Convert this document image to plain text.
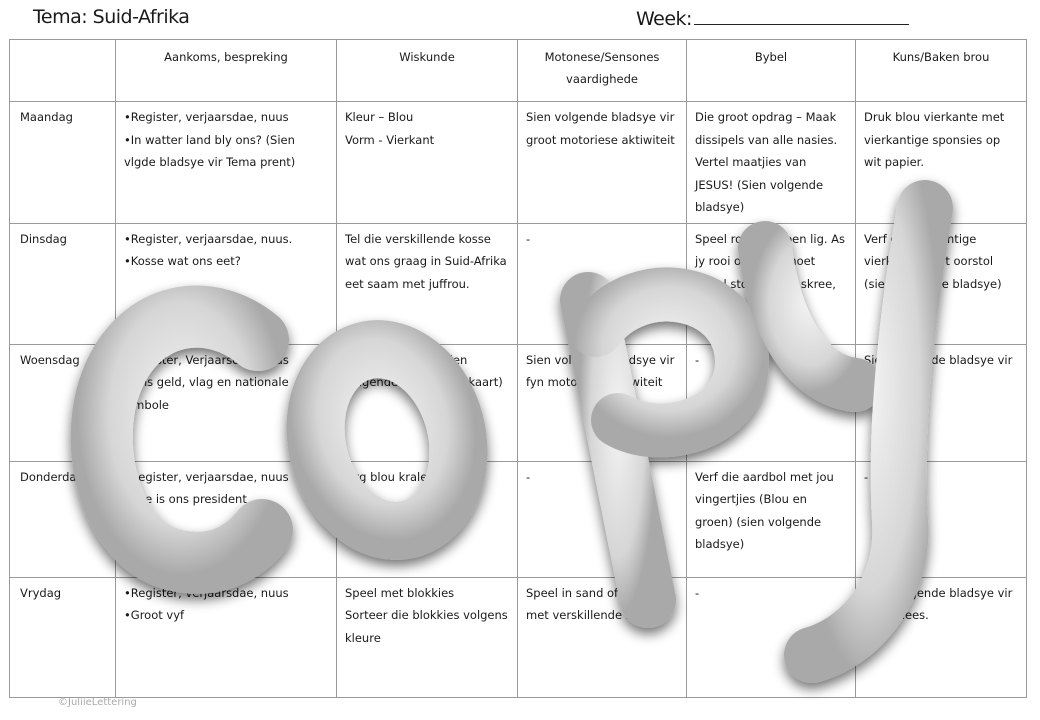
Tema: Suid-Afrika	Week:

	Aankoms, bespreking	Wiskunde	Motonese/Sensones
vaardighede	Bybel	Kuns/Baken brou

Maandag	•Register, verjaarsdae, nuus
•In watter land bly ons? (Sien vlgde bladsye vir Tema prent)	Kleur – Blou
Vorm - Vierkant	Sien volgende bladsye vir groot motoriese aktiwiteit	Die groot opdrag – Maak dissipels van alle nasies. Vertel maatjies van JESUS! (Sien volgende bladsye)	Druk blou vierkante met vierkantige sponsies op wit papier.

Dinsdag	•Register, verjaarsdae, nuus.
•Kosse wat ons eet?	Tel die verskillende kosse wat ons graag in Suid-Afrika eet saam met juffrou.	-	Speel rooi lig groen lig. As jy rooi opmerk, moet almal stop. Groen skree, dan alle beweeg	Verf die vierkantige vierkant op wit oorstol (sien volgende bladsye)

Woensdag	•Register, Verjaarsdae, nuus
•Ons geld, vlag en nationale simbole	Teken vierkante (sien volgende bladsye vir kaart)	Sien volgende bladsye vir fyn motoriese aktiwiteit	-	Sien volgende bladsye vir

Donderdag	•Register, verjaarsdae, nuus
•Wie is ons president	Ryg blou krale of pasta	-	Verf die aardbol met jou vingertjies (Blou en groen) (sien volgende bladsye)	-

Vrydag	•Register, verjaarsdae, nuus
•Groot vyf	Speel met blokkies
Sorteer die blokkies volgens kleure	Speel in sand of water met verskillende houers	-	Sien volgende bladsye vir kuns idees.
©JuliieLettering
